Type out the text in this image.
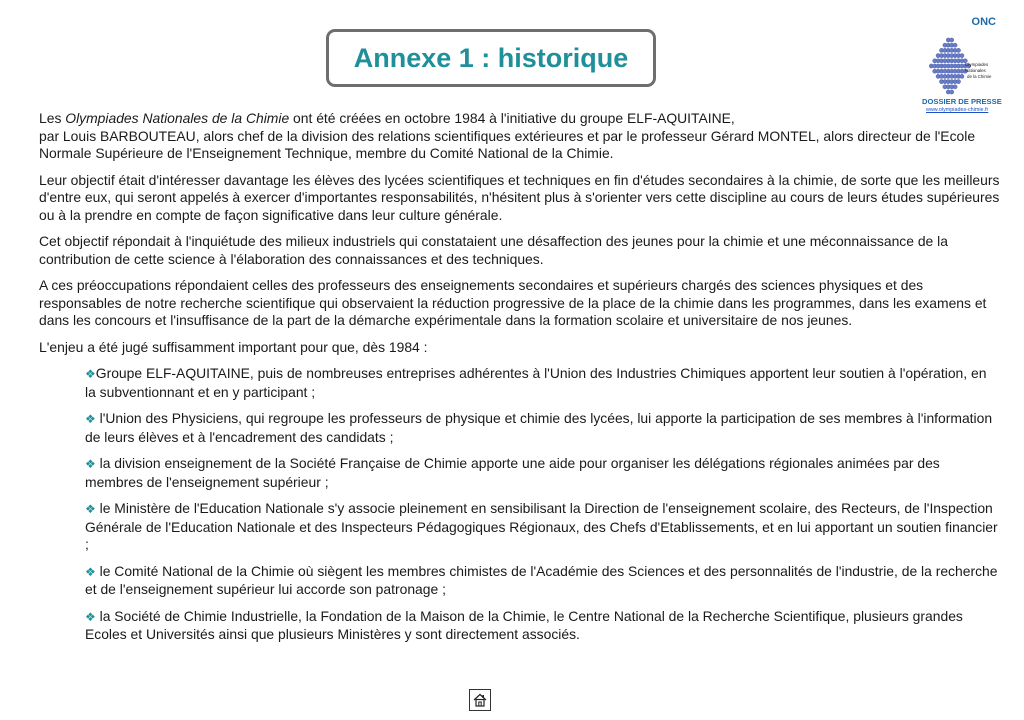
Annexe 1 : historique
ONC
Olympiades
Nationales
de la Chimie
DOSSIER DE PRESSE
www.olympiades-chimie.fr

Les Olympiades Nationales de la Chimie ont été créées en octobre 1984 à l'initiative du groupe ELF-AQUITAINE,
par Louis BARBOUTEAU, alors chef de la division des relations scientifiques extérieures et par le professeur Gérard MONTEL, alors directeur de l'Ecole Normale Supérieure de l'Enseignement Technique, membre du Comité National de la Chimie.

Leur objectif était d'intéresser davantage les élèves des lycées scientifiques et techniques en fin d'études secondaires à la chimie, de sorte que les meilleurs d'entre eux, qui seront appelés à exercer d'importantes responsabilités, n'hésitent plus à s'orienter vers cette discipline au cours de leurs études supérieures ou à la prendre en compte de façon significative dans leur culture générale.

Cet objectif répondait à l'inquiétude des milieux industriels qui constataient une désaffection des jeunes pour la chimie et une méconnaissance de la contribution de cette science à l'élaboration des connaissances et des techniques.

A ces préoccupations répondaient celles des professeurs des enseignements secondaires et supérieurs chargés des sciences physiques et des responsables de notre recherche scientifique qui observaient la réduction progressive de la place de la chimie dans les programmes, dans les examens et dans les concours et l'insuffisance de la part de la démarche expérimentale dans la formation scolaire et universitaire de nos jeunes.

L'enjeu a été jugé suffisamment important pour que, dès 1984 :

❖Groupe ELF-AQUITAINE, puis de nombreuses entreprises adhérentes à l'Union des Industries Chimiques apportent leur soutien à l'opération, en la subventionnant et en y participant ;
❖ l'Union des Physiciens, qui regroupe les professeurs de physique et chimie des lycées, lui apporte la participation de ses membres à l'information de leurs élèves et à l'encadrement des candidats ;
❖ la division enseignement de la Société Française de Chimie apporte une aide pour organiser les délégations régionales animées par des membres de l'enseignement supérieur ;
❖ le Ministère de l'Education Nationale s'y associe pleinement en sensibilisant la Direction de l'enseignement scolaire, des Recteurs, de l'Inspection Générale de l'Education Nationale et des Inspecteurs Pédagogiques Régionaux, des Chefs d'Etablissements, et en lui apportant un soutien financier ;
❖ le Comité National de la Chimie où siègent les membres chimistes de l'Académie des Sciences et des personnalités de l'industrie, de la recherche et de l'enseignement supérieur lui accorde son patronage ;
❖ la Société de Chimie Industrielle, la Fondation de la Maison de la Chimie, le Centre National de la Recherche Scientifique, plusieurs grandes Ecoles et Universités ainsi que plusieurs Ministères y sont directement associés.
